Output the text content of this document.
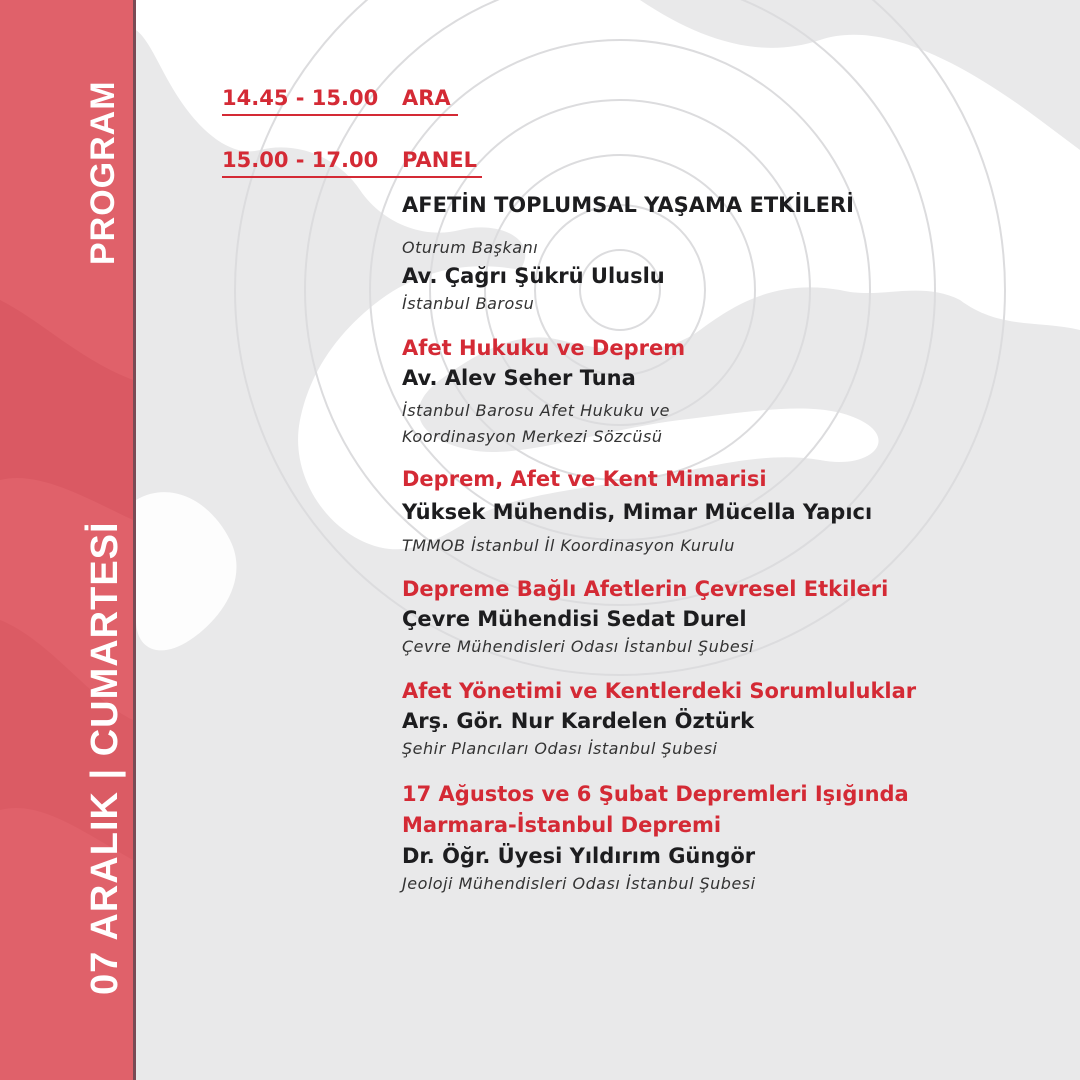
PROGRAM
07 ARALIK | CUMARTESİ
14.45 - 15.00 ARA
15.00 - 17.00 PANEL
AFETİN TOPLUMSAL YAŞAMA ETKİLERİ
Oturum Başkanı
Av. Çağrı Şükrü Uluslu
İstanbul Barosu
Afet Hukuku ve Deprem
Av. Alev Seher Tuna
İstanbul Barosu Afet Hukuku ve
Koordinasyon Merkezi Sözcüsü
Deprem, Afet ve Kent Mimarisi
Yüksek Mühendis, Mimar Mücella Yapıcı
TMMOB İstanbul İl Koordinasyon Kurulu
Depreme Bağlı Afetlerin Çevresel Etkileri
Çevre Mühendisi Sedat Durel
Çevre Mühendisleri Odası İstanbul Şubesi
Afet Yönetimi ve Kentlerdeki Sorumluluklar
Arş. Gör. Nur Kardelen Öztürk
Şehir Plancıları Odası İstanbul Şubesi
17 Ağustos ve 6 Şubat Depremleri Işığında
Marmara-İstanbul Depremi
Dr. Öğr. Üyesi Yıldırım Güngör
Jeoloji Mühendisleri Odası İstanbul Şubesi
